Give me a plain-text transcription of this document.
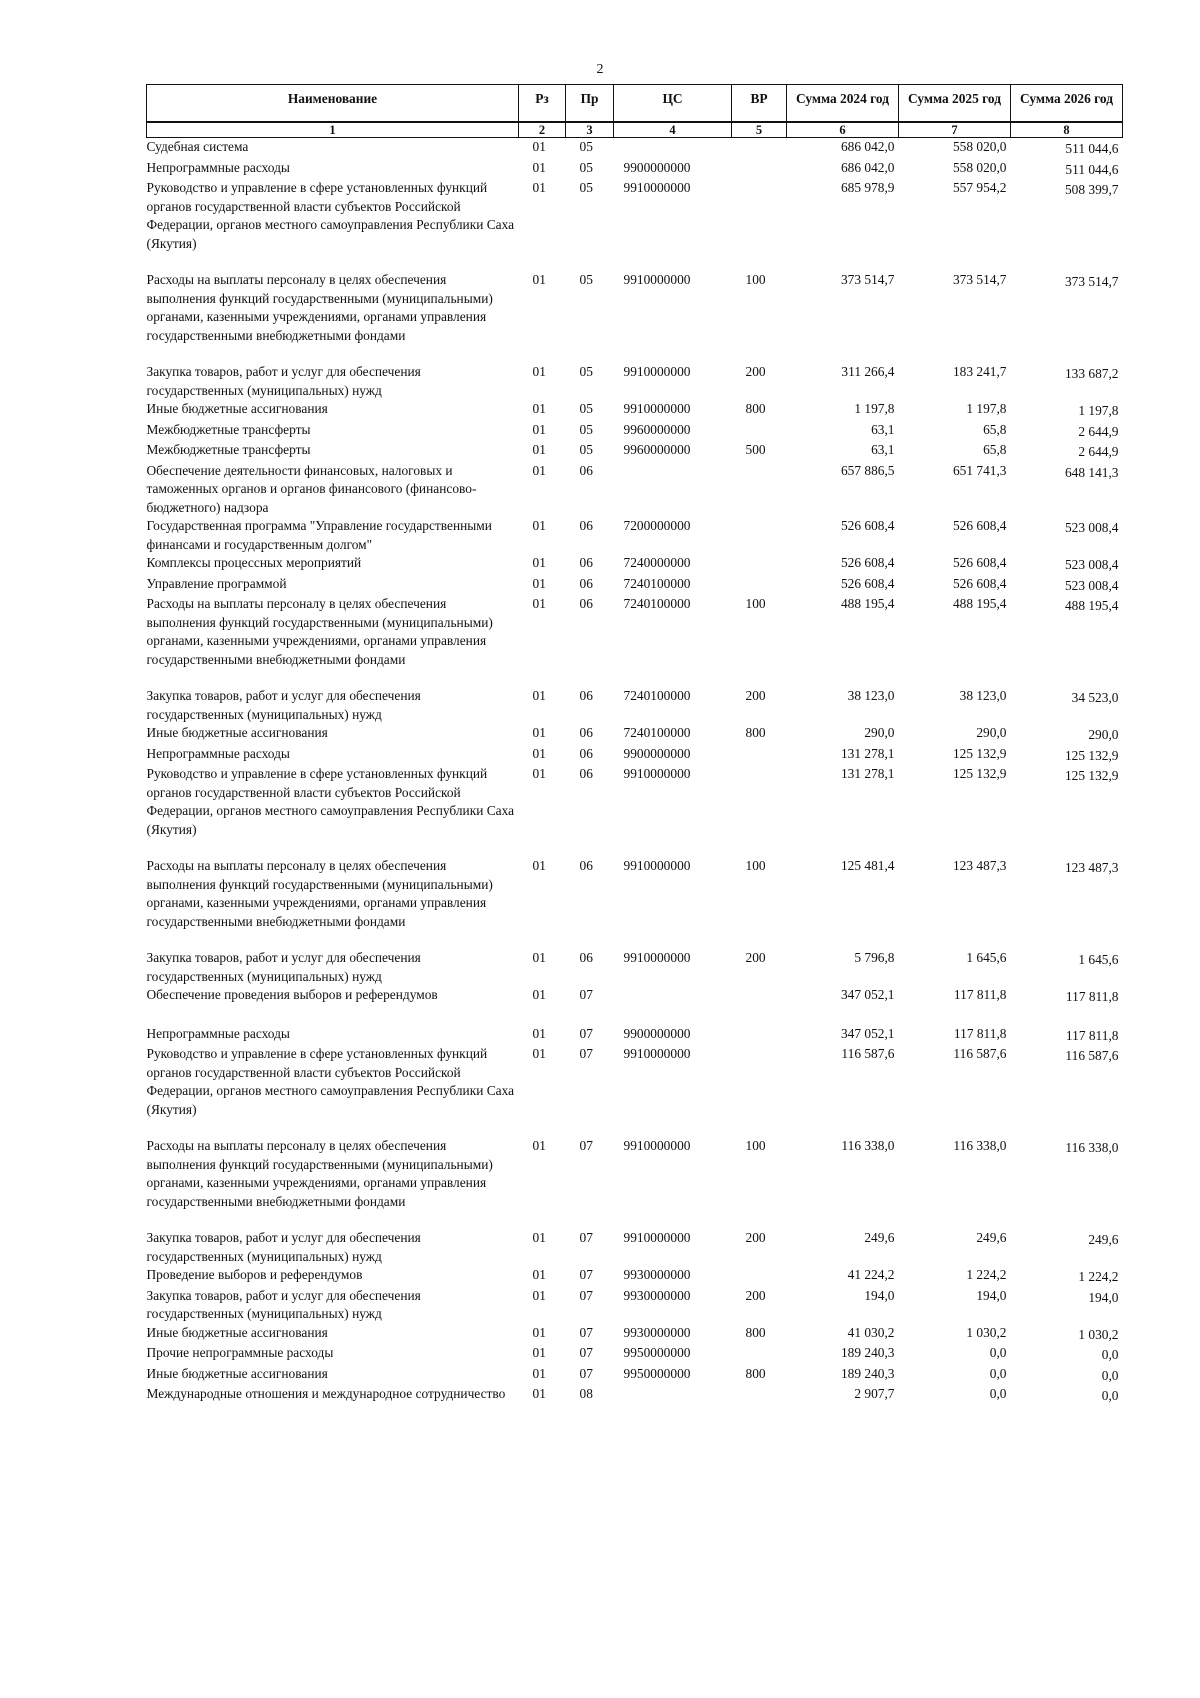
2
Наименование	Рз	Пр	ЦС	ВР	Сумма 2024 год	Сумма 2025 год	Сумма 2026 год
1	2	3	4	5	6	7	8
Судебная система	01	05			686 042,0	558 020,0	511 044,6
Непрограммные расходы	01	05	9900000000		686 042,0	558 020,0	511 044,6
Руководство и управление в сфере установленных функций органов государственной власти субъектов Российской Федерации, органов местного самоуправления Республики Саха (Якутия)	01	05	9910000000		685 978,9	557 954,2	508 399,7
Расходы на выплаты персоналу в целях обеспечения выполнения функций государственными (муниципальными) органами, казенными учреждениями, органами управления государственными внебюджетными фондами	01	05	9910000000	100	373 514,7	373 514,7	373 514,7
Закупка товаров, работ и услуг для обеспечения государственных (муниципальных) нужд	01	05	9910000000	200	311 266,4	183 241,7	133 687,2
Иные бюджетные ассигнования	01	05	9910000000	800	1 197,8	1 197,8	1 197,8
Межбюджетные трансферты	01	05	9960000000		63,1	65,8	2 644,9
Межбюджетные трансферты	01	05	9960000000	500	63,1	65,8	2 644,9
Обеспечение деятельности финансовых, налоговых и таможенных органов и органов финансового (финансово-бюджетного) надзора	01	06			657 886,5	651 741,3	648 141,3
Государственная программа "Управление государственными финансами и государственным долгом"	01	06	7200000000		526 608,4	526 608,4	523 008,4
Комплексы процессных мероприятий	01	06	7240000000		526 608,4	526 608,4	523 008,4
Управление программой	01	06	7240100000		526 608,4	526 608,4	523 008,4
Расходы на выплаты персоналу в целях обеспечения выполнения функций государственными (муниципальными) органами, казенными учреждениями, органами управления государственными внебюджетными фондами	01	06	7240100000	100	488 195,4	488 195,4	488 195,4
Закупка товаров, работ и услуг для обеспечения государственных (муниципальных) нужд	01	06	7240100000	200	38 123,0	38 123,0	34 523,0
Иные бюджетные ассигнования	01	06	7240100000	800	290,0	290,0	290,0
Непрограммные расходы	01	06	9900000000		131 278,1	125 132,9	125 132,9
Руководство и управление в сфере установленных функций органов государственной власти субъектов Российской Федерации, органов местного самоуправления Республики Саха (Якутия)	01	06	9910000000		131 278,1	125 132,9	125 132,9
Расходы на выплаты персоналу в целях обеспечения выполнения функций государственными (муниципальными) органами, казенными учреждениями, органами управления государственными внебюджетными фондами	01	06	9910000000	100	125 481,4	123 487,3	123 487,3
Закупка товаров, работ и услуг для обеспечения государственных (муниципальных) нужд	01	06	9910000000	200	5 796,8	1 645,6	1 645,6
Обеспечение проведения выборов и референдумов	01	07			347 052,1	117 811,8	117 811,8
Непрограммные расходы	01	07	9900000000		347 052,1	117 811,8	117 811,8
Руководство и управление в сфере установленных функций органов государственной власти субъектов Российской Федерации, органов местного самоуправления Республики Саха (Якутия)	01	07	9910000000		116 587,6	116 587,6	116 587,6
Расходы на выплаты персоналу в целях обеспечения выполнения функций государственными (муниципальными) органами, казенными учреждениями, органами управления государственными внебюджетными фондами	01	07	9910000000	100	116 338,0	116 338,0	116 338,0
Закупка товаров, работ и услуг для обеспечения государственных (муниципальных) нужд	01	07	9910000000	200	249,6	249,6	249,6
Проведение выборов и референдумов	01	07	9930000000		41 224,2	1 224,2	1 224,2
Закупка товаров, работ и услуг для обеспечения государственных (муниципальных) нужд	01	07	9930000000	200	194,0	194,0	194,0
Иные бюджетные ассигнования	01	07	9930000000	800	41 030,2	1 030,2	1 030,2
Прочие непрограммные расходы	01	07	9950000000		189 240,3	0,0	0,0
Иные бюджетные ассигнования	01	07	9950000000	800	189 240,3	0,0	0,0
Международные отношения и международное сотрудничество	01	08			2 907,7	0,0	0,0
